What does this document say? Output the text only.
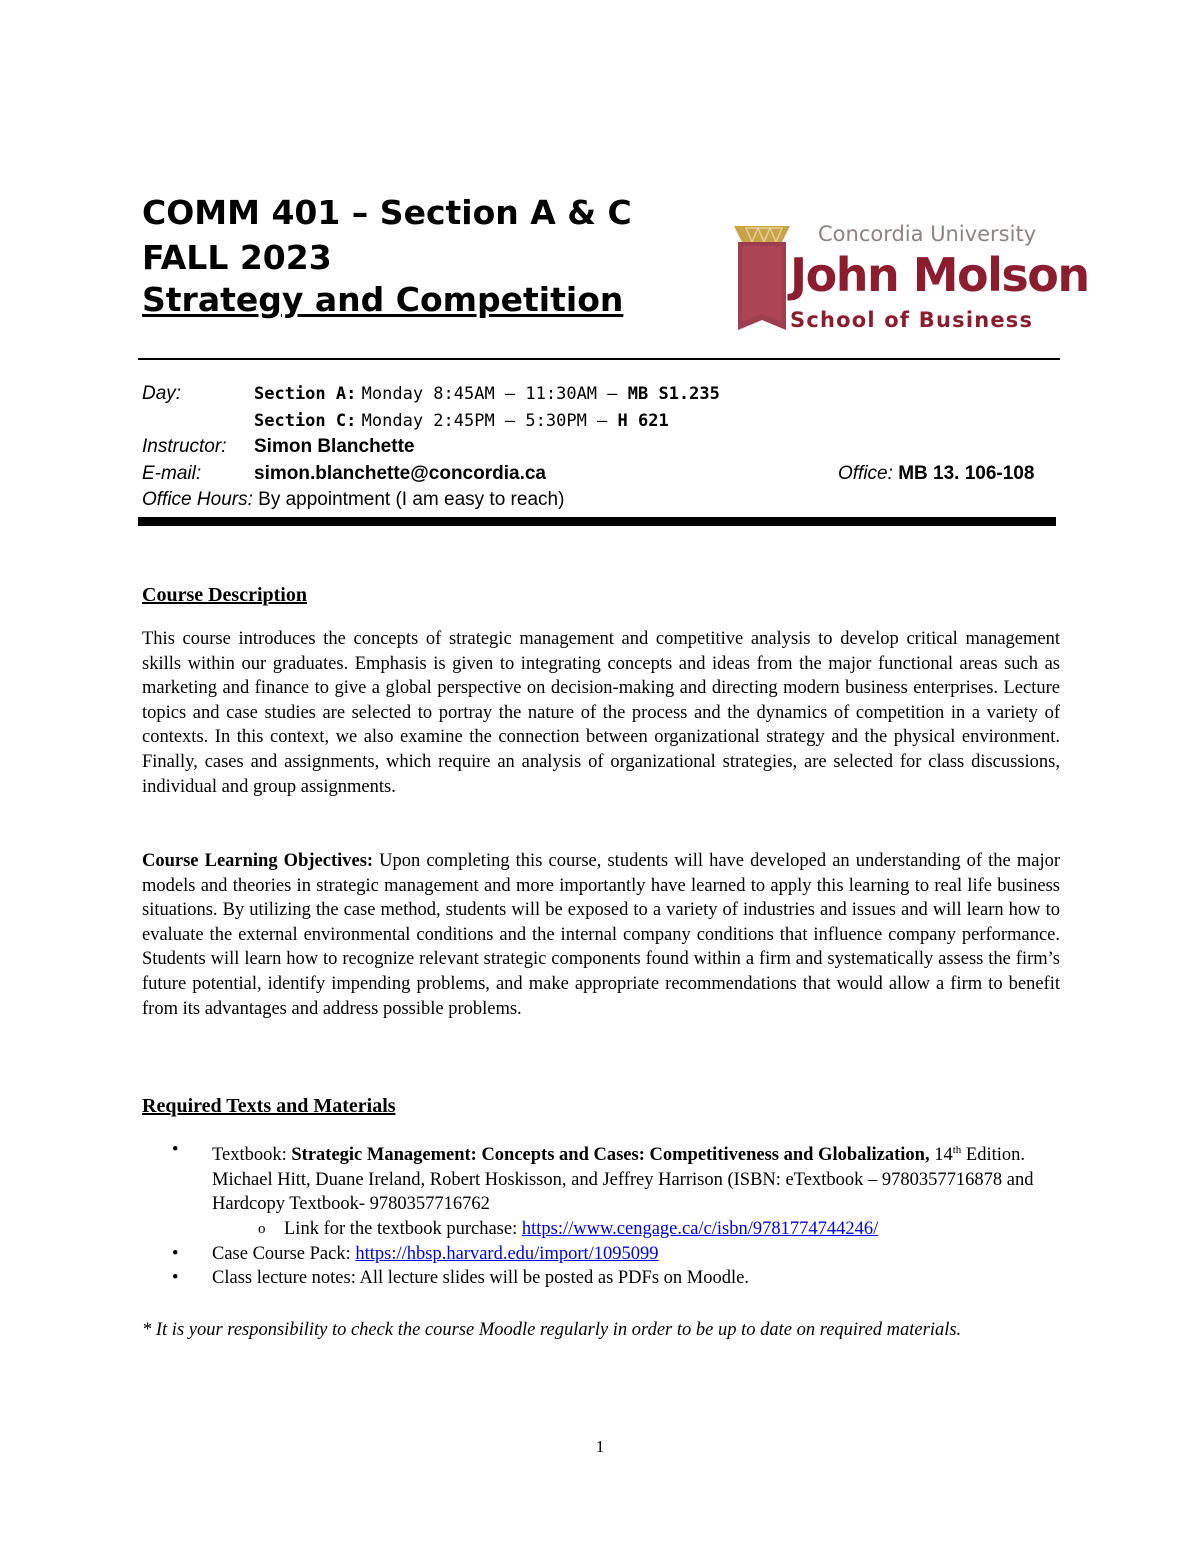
COMM 401 – Section A & C
FALL 2023
Strategy and Competition
Concordia University
John Molson
School of Business
Day:	Section A: Monday 8:45AM – 11:30AM – MB S1.235
Section C: Monday 2:45PM – 5:30PM – H 621
Instructor: Simon Blanchette
E-mail:	simon.blanchette@concordia.ca	Office: MB 13. 106-108
Office Hours: By appointment (I am easy to reach)
Course Description
This course introduces the concepts of strategic management and competitive analysis to develop critical management skills within our graduates. Emphasis is given to integrating concepts and ideas from the major functional areas such as marketing and finance to give a global perspective on decision-making and directing modern business enterprises. Lecture topics and case studies are selected to portray the nature of the process and the dynamics of competition in a variety of contexts. In this context, we also examine the connection between organizational strategy and the physical environment. Finally, cases and assignments, which require an analysis of organizational strategies, are selected for class discussions, individual and group assignments.
Course Learning Objectives: Upon completing this course, students will have developed an understanding of the major models and theories in strategic management and more importantly have learned to apply this learning to real life business situations. By utilizing the case method, students will be exposed to a variety of industries and issues and will learn how to evaluate the external environmental conditions and the internal company conditions that influence company performance. Students will learn how to recognize relevant strategic components found within a firm and systematically assess the firm’s future potential, identify impending problems, and make appropriate recommendations that would allow a firm to benefit from its advantages and address possible problems.
Required Texts and Materials
• Textbook: Strategic Management: Concepts and Cases: Competitiveness and Globalization, 14th Edition. Michael Hitt, Duane Ireland, Robert Hoskisson, and Jeffrey Harrison (ISBN: eTextbook – 9780357716878 and Hardcopy Textbook- 9780357716762
o Link for the textbook purchase: https://www.cengage.ca/c/isbn/9781774744246/
• Case Course Pack: https://hbsp.harvard.edu/import/1095099
• Class lecture notes: All lecture slides will be posted as PDFs on Moodle.
* It is your responsibility to check the course Moodle regularly in order to be up to date on required materials.
1
